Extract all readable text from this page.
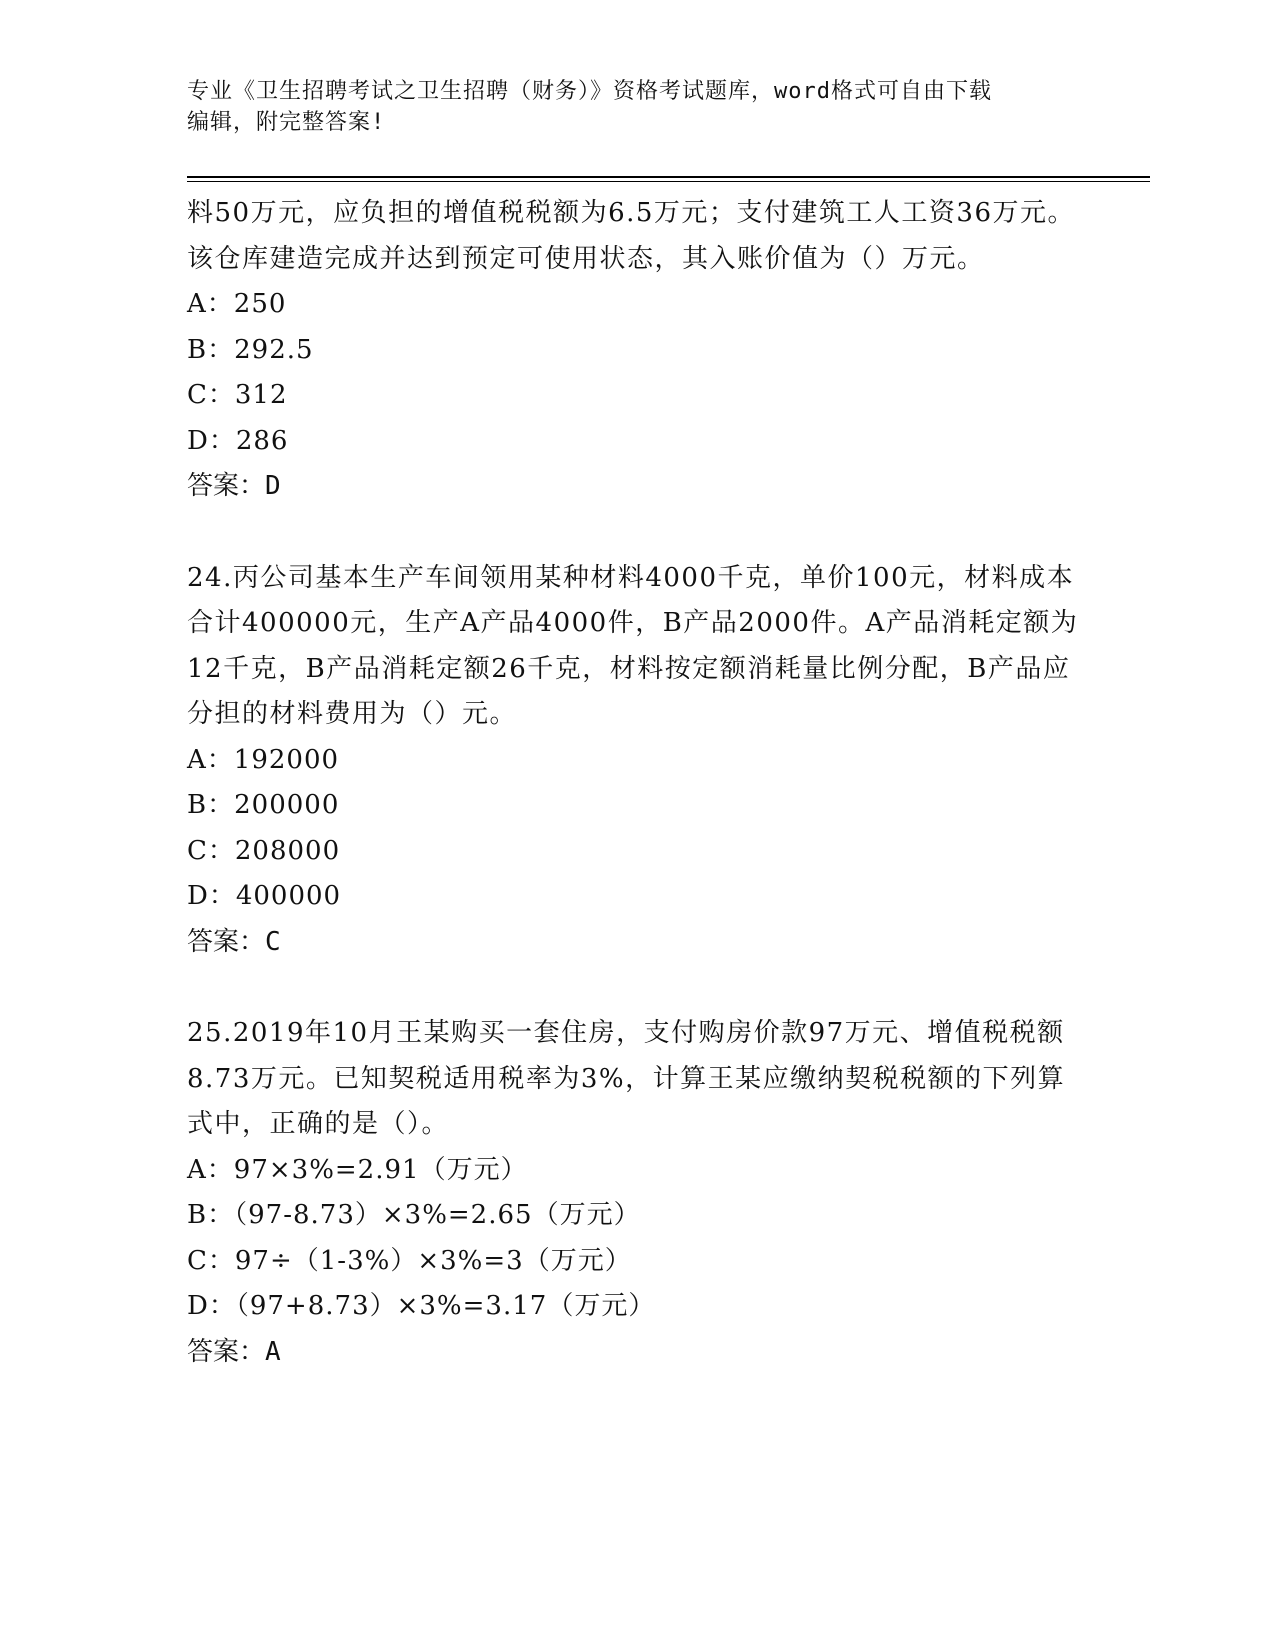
专业《卫生招聘考试之卫生招聘（财务）》资格考试题库，word格式可自由下载
编辑，附完整答案!

料50万元，应负担的增值税税额为6.5万元；支付建筑工人工资36万元。该仓库建造完成并达到预定可使用状态，其入账价值为（）万元。

A：250

B：292.5

C：312

D：286

答案：D

24.丙公司基本生产车间领用某种材料4000千克，单价100元，材料成本合计400000元，生产A产品4000件，B产品2000件。A产品消耗定额为12千克，B产品消耗定额26千克，材料按定额消耗量比例分配，B产品应分担的材料费用为（）元。

A：192000

B：200000

C：208000

D：400000

答案：C

25.2019年10月王某购买一套住房，支付购房价款97万元、增值税税额8.73万元。已知契税适用税率为3%，计算王某应缴纳契税税额的下列算式中，正确的是（）。

A：97×3%=2.91（万元）

B：（97-8.73）×3%=2.65（万元）

C：97÷（1-3%）×3%=3（万元）

D：（97+8.73）×3%=3.17（万元）

答案：A
